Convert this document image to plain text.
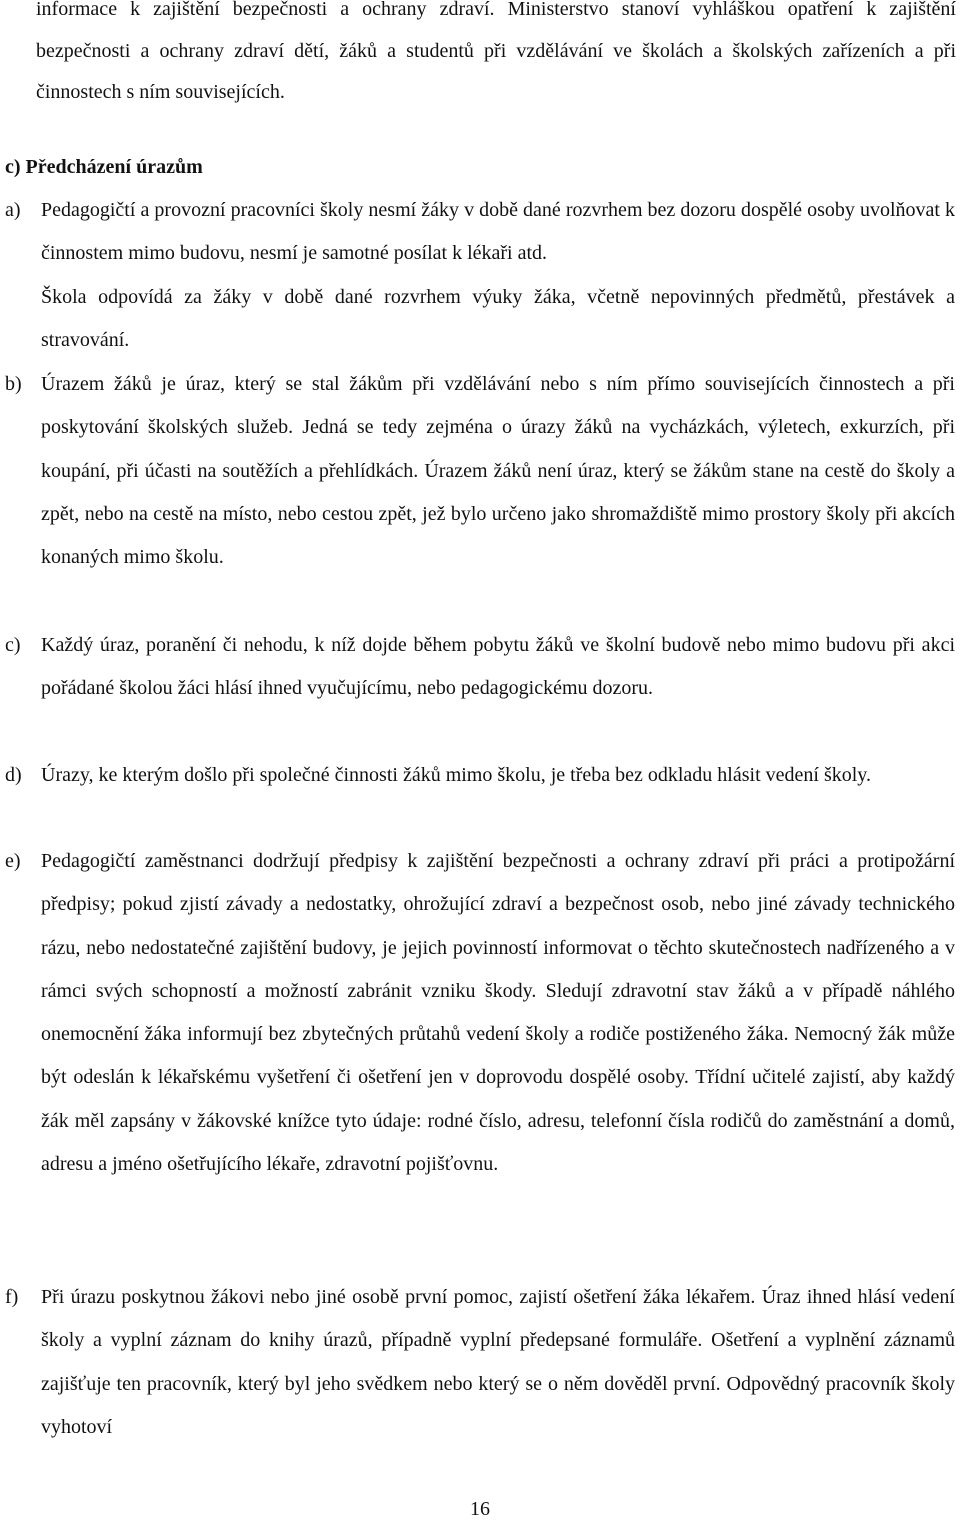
informace k zajištění bezpečnosti a ochrany zdraví. Ministerstvo stanoví vyhláškou opatření k zajištění bezpečnosti a ochrany zdraví dětí, žáků a studentů při vzdělávání ve školách a školských zařízeních a při činnostech s ním souvisejících.

c) Předcházení úrazům
a)	Pedagogičtí a provozní pracovníci školy nesmí žáky v době dané rozvrhem bez dozoru dospělé osoby uvolňovat k činnostem mimo budovu, nesmí je samotné posílat k lékaři atd.

Škola odpovídá za žáky v době dané rozvrhem výuky žáka, včetně nepovinných předmětů, přestávek a stravování.

b) Úrazem žáků je úraz, který se stal žákům při vzdělávání nebo s ním přímo souvisejících činnostech a při poskytování školských služeb. Jedná se tedy zejména o úrazy žáků na vycházkách, výletech, exkurzích, při koupání, při účasti na soutěžích a přehlídkách. Úrazem žáků není úraz, který se žákům stane na cestě do školy a zpět, nebo na cestě na místo, nebo cestou zpět, jež bylo určeno jako shromaždiště mimo prostory školy při akcích konaných mimo školu.

c)	Každý úraz, poranění či nehodu, k níž dojde během pobytu žáků ve školní budově nebo mimo budovu při akci pořádané školou žáci hlásí ihned vyučujícímu, nebo pedagogickému dozoru.

d) Úrazy, ke kterým došlo při společné činnosti žáků mimo školu, je třeba bez odkladu hlásit vedení školy.

e)	Pedagogičtí zaměstnanci dodržují předpisy k zajištění bezpečnosti a ochrany zdraví při práci a protipožární předpisy; pokud zjistí závady a nedostatky, ohrožující zdraví a bezpečnost osob, nebo jiné závady technického rázu, nebo nedostatečné zajištění budovy, je jejich povinností informovat o těchto skutečnostech nadřízeného a v rámci svých schopností a možností zabránit vzniku škody. Sledují zdravotní stav žáků a v případě náhlého onemocnění žáka informují bez zbytečných průtahů vedení školy a rodiče postiženého žáka. Nemocný žák může být odeslán k lékařskému vyšetření či ošetření jen v doprovodu dospělé osoby. Třídní učitelé zajistí, aby každý žák měl zapsány v žákovské knížce tyto údaje: rodné číslo, adresu, telefonní čísla rodičů do zaměstnání a domů, adresu a jméno ošetřujícího lékaře, zdravotní pojišťovnu.

f)	Při úrazu poskytnou žákovi nebo jiné osobě první pomoc, zajistí ošetření žáka lékařem. Úraz ihned hlásí vedení školy a vyplní záznam do knihy úrazů, případně vyplní předepsané formuláře. Ošetření a vyplnění záznamů zajišťuje ten pracovník, který byl jeho svědkem nebo který se o něm dověděl první. Odpovědný pracovník školy vyhotoví

16
